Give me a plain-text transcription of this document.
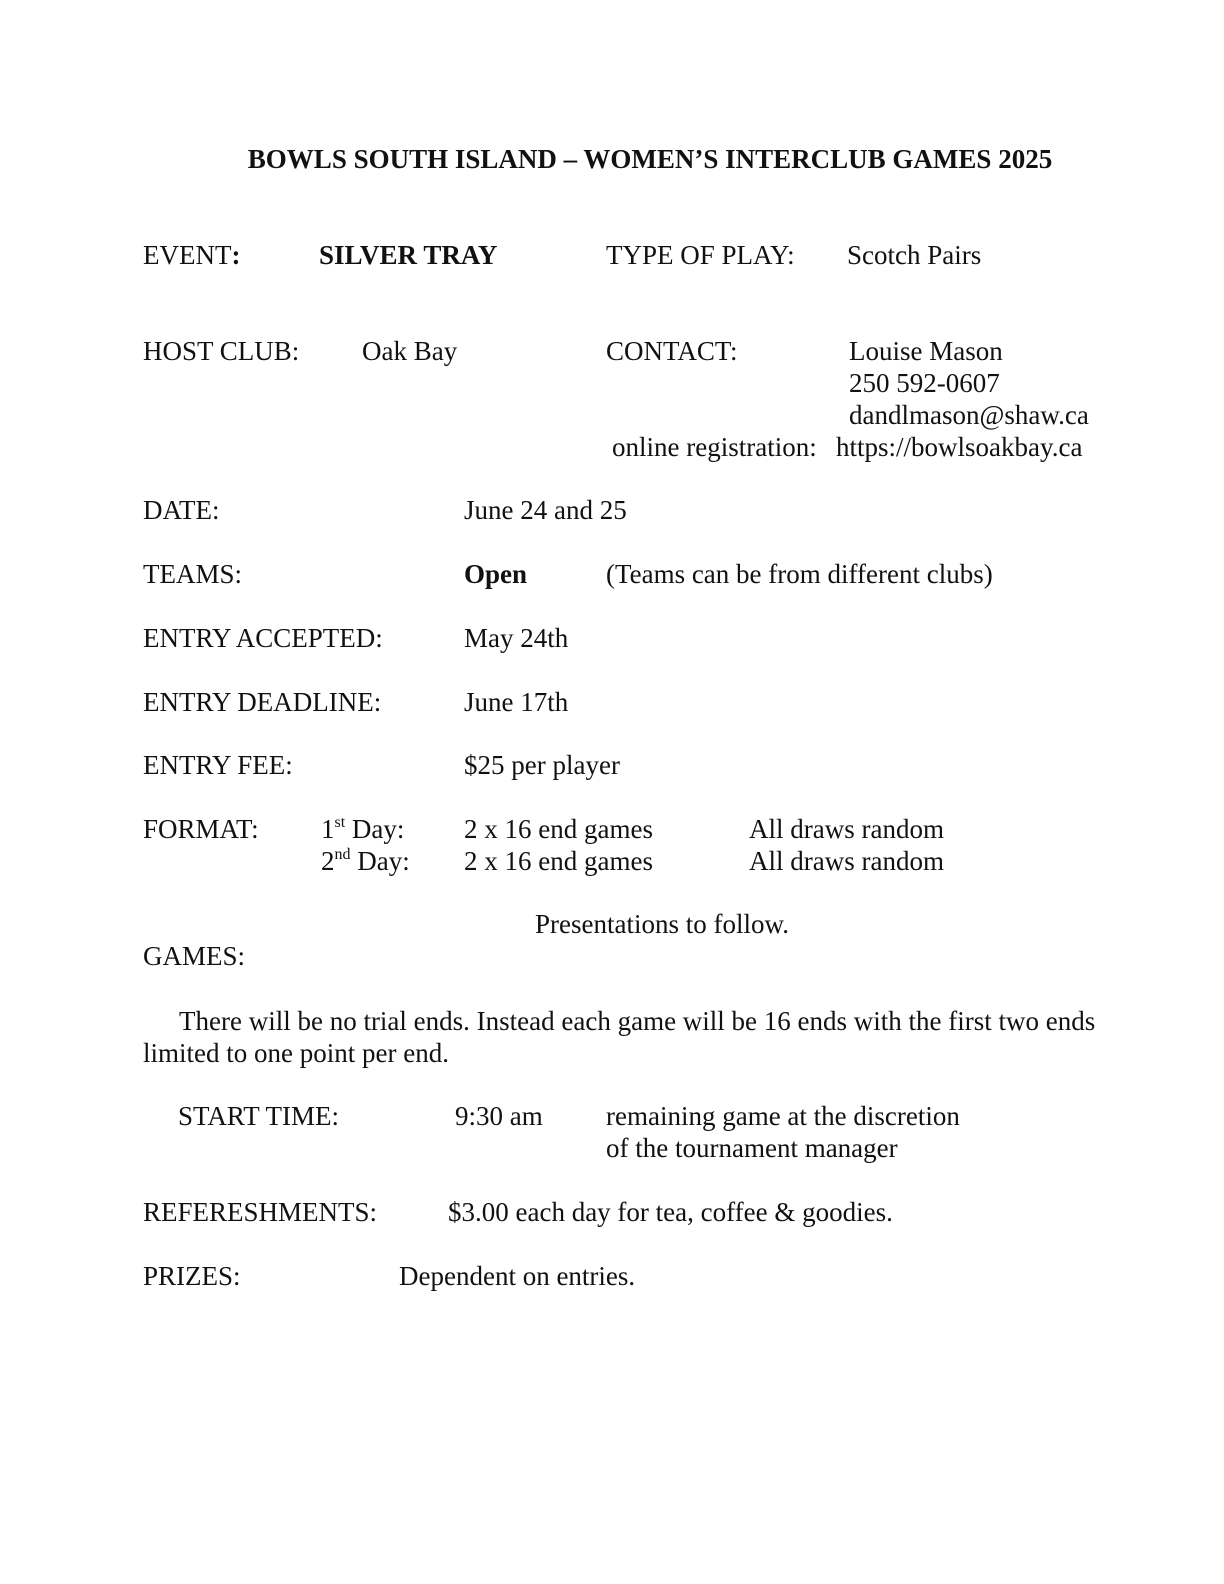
BOWLS SOUTH ISLAND – WOMEN’S INTERCLUB GAMES 2025
EVENT:	SILVER TRAY	TYPE OF PLAY: Scotch Pairs
HOST CLUB: Oak Bay	CONTACT:	Louise Mason
250 592-0607
dandlmason@shaw.ca
online registration: https://bowlsoakbay.ca
DATE:	June 24 and 25
TEAMS:	Open	(Teams can be from different clubs)
ENTRY ACCEPTED:	May 24th
ENTRY DEADLINE:	June 17th
ENTRY FEE:	$25 per player
FORMAT: 1st Day: 2 x 16 end games	All draws random
2nd Day: 2 x 16 end games	All draws random
Presentations to follow.
GAMES:
There will be no trial ends. Instead each game will be 16 ends with the first two ends
limited to one point per end.
START TIME:	9:30 am remaining game at the discretion
of the tournament manager
REFERESHMENTS:	$3.00 each day for tea, coffee & goodies.
PRIZES:	Dependent on entries.
